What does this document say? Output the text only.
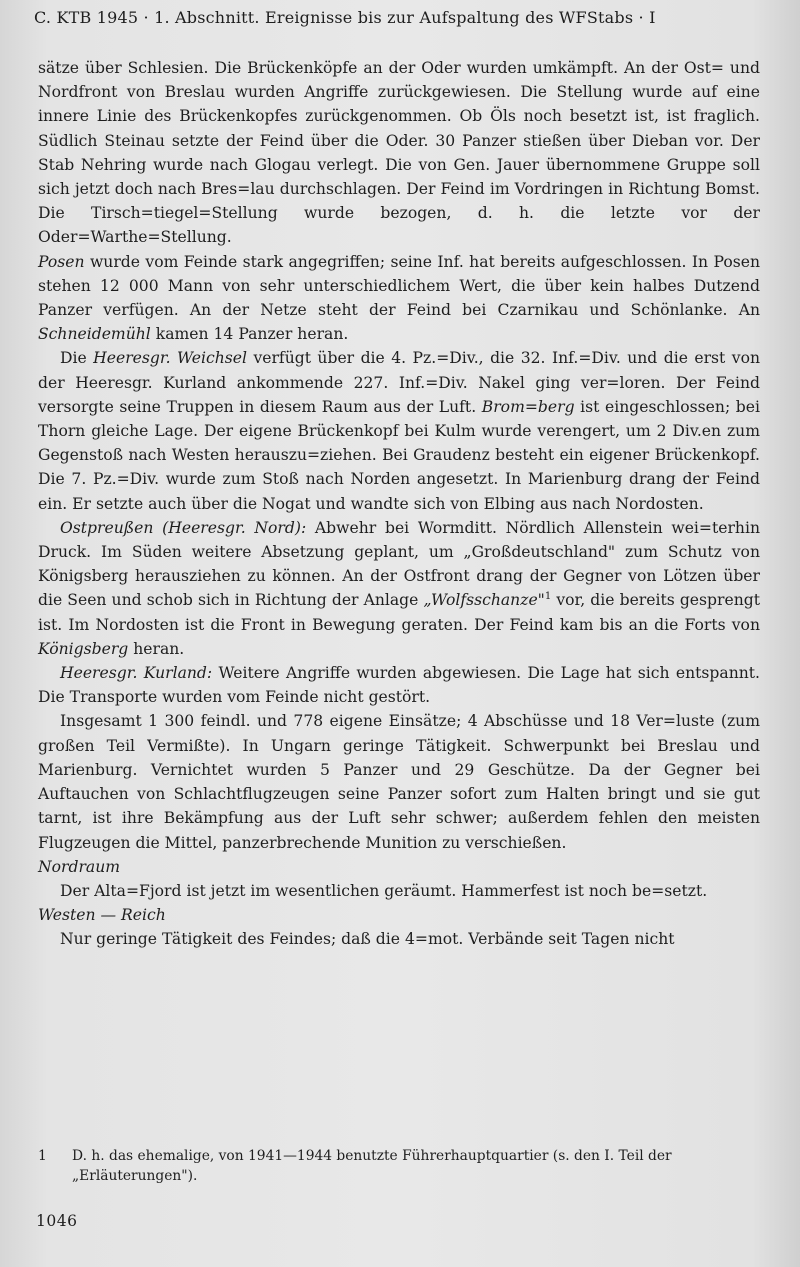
C. KTB 1945 · 1. Abschnitt. Ereignisse bis zur Aufspaltung des WFStabs · I

sätze über Schlesien. Die Brückenköpfe an der Oder wurden umkämpft. An der Ost= und Nordfront von Breslau wurden Angriffe zurückgewiesen. Die Stellung wurde auf eine innere Linie des Brückenkopfes zurückgenommen. Ob Öls noch besetzt ist, ist fraglich. Südlich Steinau setzte der Feind über die Oder. 30 Panzer stießen über Dieban vor. Der Stab Nehring wurde nach Glogau verlegt. Die von Gen. Jauer übernommene Gruppe soll sich jetzt doch nach Bres=lau durchschlagen. Der Feind im Vordringen in Richtung Bomst. Die Tirsch=tiegel=Stellung wurde bezogen, d. h. die letzte vor der Oder=Warthe=Stellung.

Posen wurde vom Feinde stark angegriffen; seine Inf. hat bereits aufgeschlossen. In Posen stehen 12 000 Mann von sehr unterschiedlichem Wert, die über kein halbes Dutzend Panzer verfügen. An der Netze steht der Feind bei Czarnikau und Schönlanke. An Schneidemühl kamen 14 Panzer heran.

Die Heeresgr. Weichsel verfügt über die 4. Pz.=Div., die 32. Inf.=Div. und die erst von der Heeresgr. Kurland ankommende 227. Inf.=Div. Nakel ging ver=loren. Der Feind versorgte seine Truppen in diesem Raum aus der Luft. Brom=berg ist eingeschlossen; bei Thorn gleiche Lage. Der eigene Brückenkopf bei Kulm wurde verengert, um 2 Div.en zum Gegenstoß nach Westen herauszu=ziehen. Bei Graudenz besteht ein eigener Brückenkopf. Die 7. Pz.=Div. wurde zum Stoß nach Norden angesetzt. In Marienburg drang der Feind ein. Er setzte auch über die Nogat und wandte sich von Elbing aus nach Nordosten.

Ostpreußen (Heeresgr. Nord): Abwehr bei Wormditt. Nördlich Allenstein wei=terhin Druck. Im Süden weitere Absetzung geplant, um „Großdeutschland" zum Schutz von Königsberg herausziehen zu können. An der Ostfront drang der Gegner von Lötzen über die Seen und schob sich in Richtung der Anlage „Wolfsschanze"$^1$ vor, die bereits gesprengt ist. Im Nordosten ist die Front in Bewegung geraten. Der Feind kam bis an die Forts von Königsberg heran.

Heeresgr. Kurland: Weitere Angriffe wurden abgewiesen. Die Lage hat sich entspannt. Die Transporte wurden vom Feinde nicht gestört.

Insgesamt 1 300 feindl. und 778 eigene Einsätze; 4 Abschüsse und 18 Ver=luste (zum großen Teil Vermißte). In Ungarn geringe Tätigkeit. Schwerpunkt bei Breslau und Marienburg. Vernichtet wurden 5 Panzer und 29 Geschütze. Da der Gegner bei Auftauchen von Schlachtflugzeugen seine Panzer sofort zum Halten bringt und sie gut tarnt, ist ihre Bekämpfung aus der Luft sehr schwer; außerdem fehlen den meisten Flugzeugen die Mittel, panzerbrechende Munition zu verschießen.

Nordraum

Der Alta=Fjord ist jetzt im wesentlichen geräumt. Hammerfest ist noch be=setzt.

Westen — Reich

Nur geringe Tätigkeit des Feindes; daß die 4=mot. Verbände seit Tagen nicht

1	D. h. das ehemalige, von 1941—1944 benutzte Führerhauptquartier (s. den I. Teil der „Erläuterungen").
1046
